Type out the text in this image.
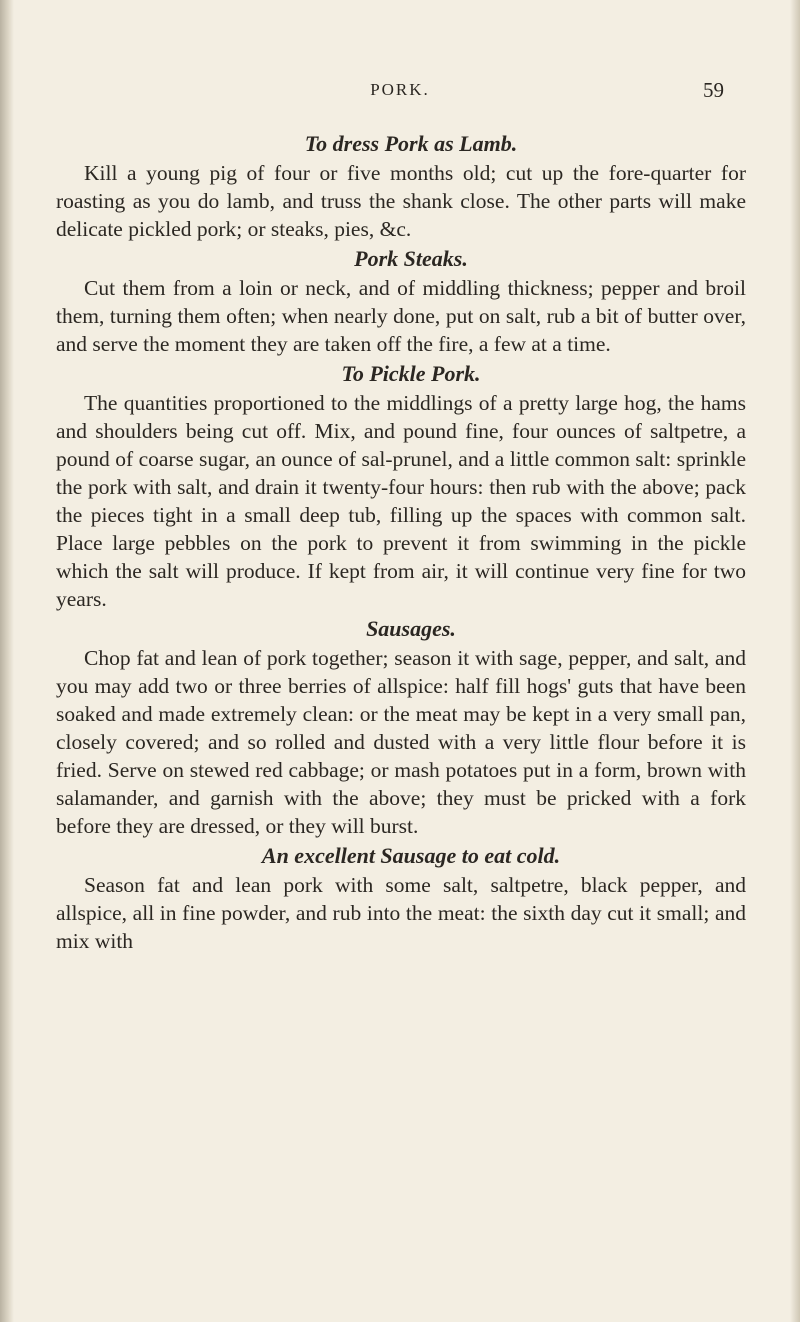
PORK.	59
To dress Pork as Lamb.

Kill a young pig of four or five months old; cut up the fore-quarter for roasting as you do lamb, and truss the shank close. The other parts will make delicate pickled pork; or steaks, pies, &c.

Pork Steaks.

Cut them from a loin or neck, and of middling thickness; pepper and broil them, turning them often; when nearly done, put on salt, rub a bit of butter over, and serve the moment they are taken off the fire, a few at a time.

To Pickle Pork.

The quantities proportioned to the middlings of a pretty large hog, the hams and shoulders being cut off. Mix, and pound fine, four ounces of saltpetre, a pound of coarse sugar, an ounce of sal-prunel, and a little common salt: sprinkle the pork with salt, and drain it twenty-four hours: then rub with the above; pack the pieces tight in a small deep tub, filling up the spaces with common salt. Place large pebbles on the pork to prevent it from swimming in the pickle which the salt will produce. If kept from air, it will continue very fine for two years.

Sausages.

Chop fat and lean of pork together; season it with sage, pepper, and salt, and you may add two or three berries of allspice: half fill hogs' guts that have been soaked and made extremely clean: or the meat may be kept in a very small pan, closely covered; and so rolled and dusted with a very little flour before it is fried. Serve on stewed red cabbage; or mash potatoes put in a form, brown with salamander, and garnish with the above; they must be pricked with a fork before they are dressed, or they will burst.

An excellent Sausage to eat cold.

Season fat and lean pork with some salt, saltpetre, black pepper, and allspice, all in fine powder, and rub into the meat: the sixth day cut it small; and mix with
